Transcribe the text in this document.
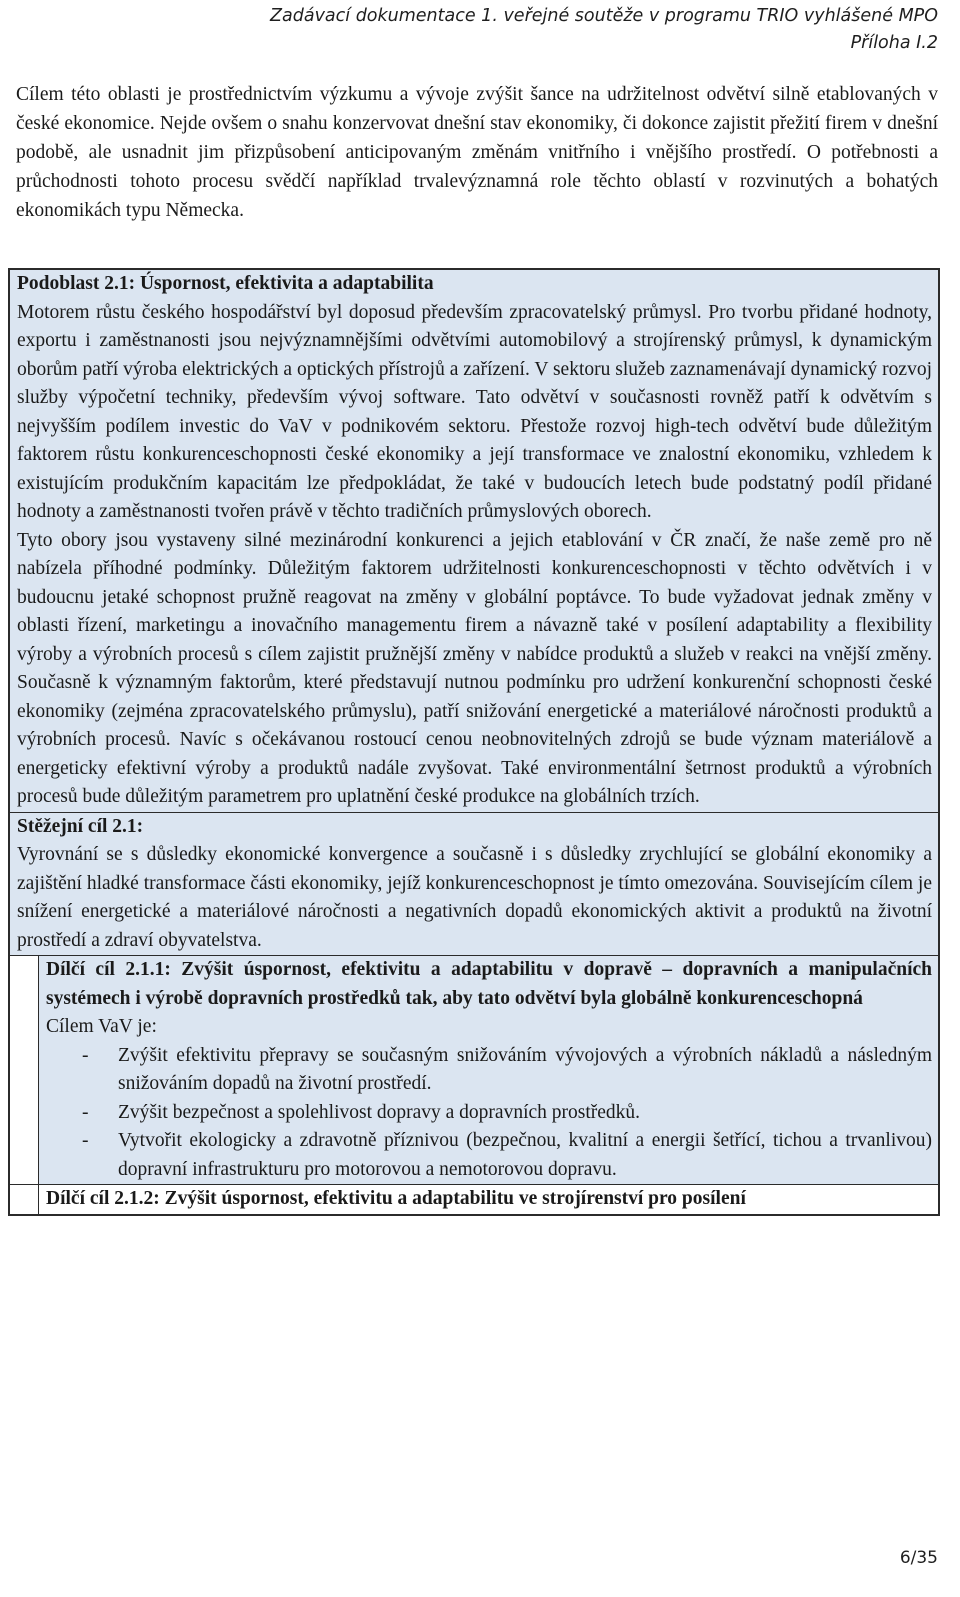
Zadávací dokumentace 1. veřejné soutěže v programu TRIO vyhlášené MPO
Příloha I.2

Cílem této oblasti je prostřednictvím výzkumu a vývoje zvýšit šance na udržitelnost odvětví silně etablovaných v české ekonomice. Nejde ovšem o snahu konzervovat dnešní stav ekonomiky, či dokonce zajistit přežití firem v dnešní podobě, ale usnadnit jim přizpůsobení anticipovaným změnám vnitřního i vnějšího prostředí. O potřebnosti a průchodnosti tohoto procesu svědčí například trvalevýznamná role těchto oblastí v rozvinutých a bohatých ekonomikách typu Německa.

Podoblast 2.1: Úspornost, efektivita a adaptabilita

Motorem růstu českého hospodářství byl doposud především zpracovatelský průmysl. Pro tvorbu přidané hodnoty, exportu i zaměstnanosti jsou nejvýznamnějšími odvětvími automobilový a strojírenský průmysl, k dynamickým oborům patří výroba elektrických a optických přístrojů a zařízení. V sektoru služeb zaznamenávají dynamický rozvoj služby výpočetní techniky, především vývoj software. Tato odvětví v současnosti rovněž patří k odvětvím s nejvyšším podílem investic do VaV v podnikovém sektoru. Přestože rozvoj high-tech odvětví bude důležitým faktorem růstu konkurenceschopnosti české ekonomiky a její transformace ve znalostní ekonomiku, vzhledem k existujícím produkčním kapacitám lze předpokládat, že také v budoucích letech bude podstatný podíl přidané hodnoty a zaměstnanosti tvořen právě v těchto tradičních průmyslových oborech.

Tyto obory jsou vystaveny silné mezinárodní konkurenci a jejich etablování v ČR značí, že naše země pro ně nabízela příhodné podmínky. Důležitým faktorem udržitelnosti konkurenceschopnosti v těchto odvětvích i v budoucnu jetaké schopnost pružně reagovat na změny v globální poptávce. To bude vyžadovat jednak změny v oblasti řízení, marketingu a inovačního managementu firem a návazně také v posílení adaptability a flexibility výroby a výrobních procesů s cílem zajistit pružnější změny v nabídce produktů a služeb v reakci na vnější změny. Současně k významným faktorům, které představují nutnou podmínku pro udržení konkurenční schopnosti české ekonomiky (zejména zpracovatelského průmyslu), patří snižování energetické a materiálové náročnosti produktů a výrobních procesů. Navíc s očekávanou rostoucí cenou neobnovitelných zdrojů se bude význam materiálově a energeticky efektivní výroby a produktů nadále zvyšovat. Také environmentální šetrnost produktů a výrobních procesů bude důležitým parametrem pro uplatnění české produkce na globálních trzích.

Stěžejní cíl 2.1:

Vyrovnání se s důsledky ekonomické konvergence a současně i s důsledky zrychlující se globální ekonomiky a zajištění hladké transformace části ekonomiky, jejíž konkurenceschopnost je tímto omezována. Souvisejícím cílem je snížení energetické a materiálové náročnosti a negativních dopadů ekonomických aktivit a produktů na životní prostředí a zdraví obyvatelstva.

Dílčí cíl 2.1.1: Zvýšit úspornost, efektivitu a adaptabilitu v dopravě – dopravních a manipulačních systémech i výrobě dopravních prostředků tak, aby tato odvětví byla globálně konkurenceschopná

Cílem VaV je:

-	Zvýšit efektivitu přepravy se současným snižováním vývojových a výrobních nákladů a následným snižováním dopadů na životní prostředí.
-	Zvýšit bezpečnost a spolehlivost dopravy a dopravních prostředků.
-	Vytvořit ekologicky a zdravotně příznivou (bezpečnou, kvalitní a energii šetřící, tichou a trvanlivou) dopravní infrastrukturu pro motorovou a nemotorovou dopravu.

Dílčí cíl 2.1.2: Zvýšit úspornost, efektivitu a adaptabilitu ve strojírenství pro posílení

6/35
